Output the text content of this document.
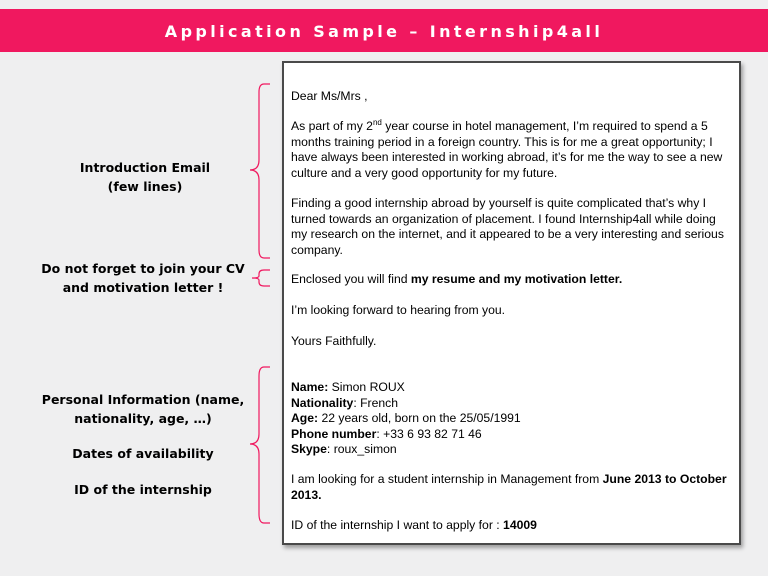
Application Sample – Internship4all
Introduction Email
(few lines)
Do not forget to join your CV
and motivation letter !
Personal Information (name,
nationality, age, …)
Dates of availability
ID of the internship

Dear Ms/Mrs ,

As part of my 2nd year course in hotel management, I’m required to spend a 5 months training period in a foreign country. This is for me a great opportunity; I have always been interested in working abroad, it’s for me the way to see a new culture and a very good opportunity for my future.

Finding a good internship abroad by yourself is quite complicated that’s why I turned towards an organization of placement. I found Internship4all while doing my research on the internet, and it appeared to be a very interesting and serious company.

Enclosed you will find my resume and my motivation letter.

I’m looking forward to hearing from you.

Yours Faithfully.

Name: Simon ROUX
Nationality: French
Age: 22 years old, born on the 25/05/1991
Phone number: +33 6 93 82 71 46
Skype: roux_simon

I am looking for a student internship in Management from June 2013 to October 2013.

ID of the internship I want to apply for : 14009
